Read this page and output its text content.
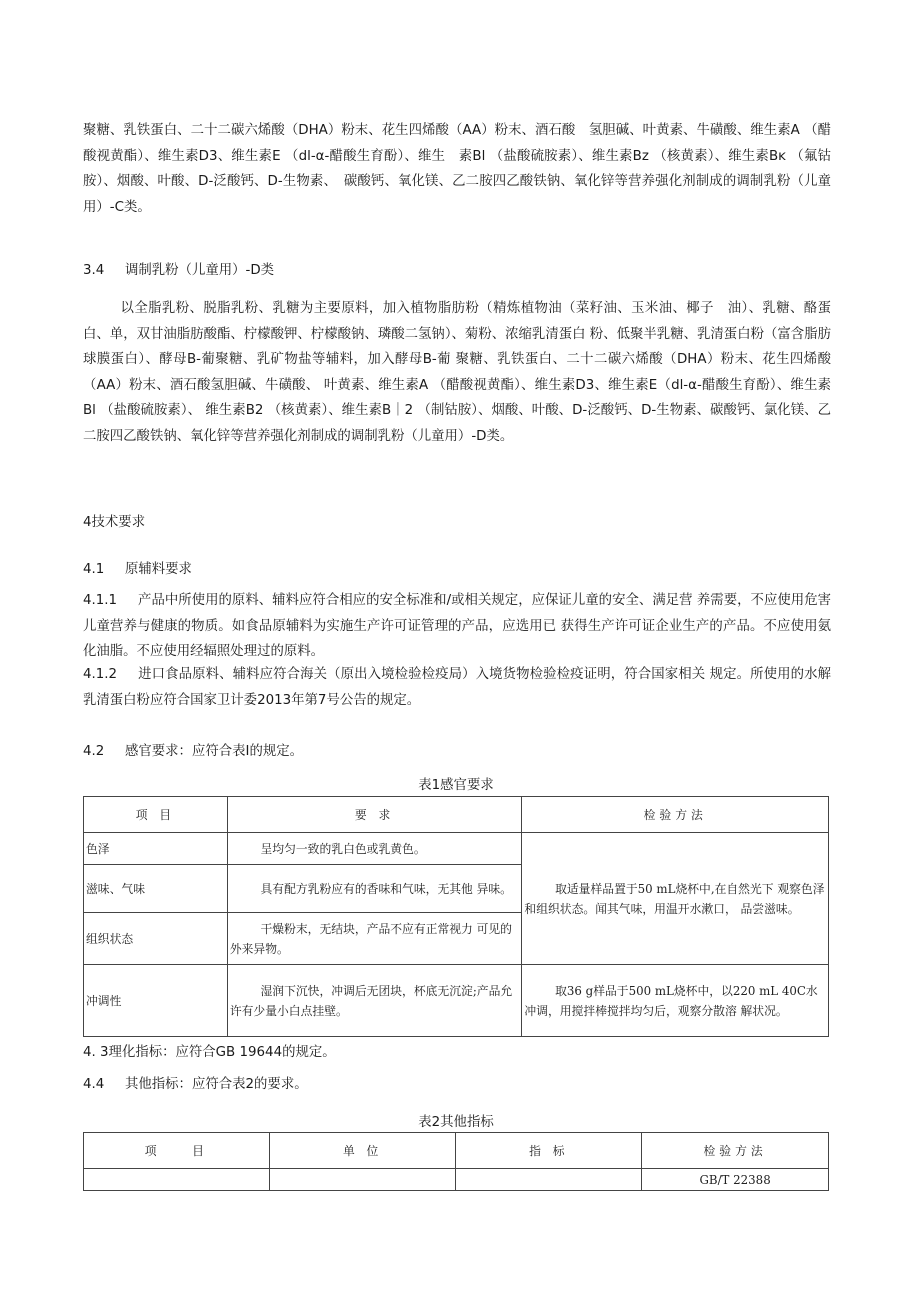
聚糖、乳铁蛋白、二十二碳六烯酸（DHA）粉末、花生四烯酸（AA）粉末、酒石酸　氢胆碱、叶黄素、牛磺酸、维生素A （醋酸视黄酯）、维生素D3、维生素E （dl-α-醋酸生育酚）、维生　素Bl （盐酸硫胺素）、维生素Bz （核黄素）、维生素Bĸ （氟钴胺）、烟酸、叶酸、D-泛酸钙、D-生物素、　碳酸钙、氧化镁、乙二胺四乙酸铁钠、氧化锌等营养强化剂制成的调制乳粉（儿童用）-C类。

3.4 调制乳粉（儿童用）-D类

以全脂乳粉、脱脂乳粉、乳糖为主要原料，加入植物脂肪粉（精炼植物油（菜籽油、玉米油、椰子　油）、乳糖、酪蛋白、单，双甘油脂肪酸酯、柠檬酸钾、柠檬酸钠、璘酸二氢钠）、菊粉、浓缩乳清蛋白 粉、低聚半乳糖、乳清蛋白粉（富含脂肪球膜蛋白）、酵母B-葡聚糖、乳矿物盐等辅料，加入酵母B-葡 聚糖、乳铁蛋白、二十二碳六烯酸（DHA）粉末、花生四烯酸（AA）粉末、酒石酸氢胆碱、牛磺酸、 叶黄素、维生素A （醋酸视黄酯）、维生素D3、维生素E（dl-α-醋酸生育酚）、维生素Bl （盐酸硫胺素）、 维生素B2 （核黄素）、维生素B｜2 （制钴胺）、烟酸、叶酸、D-泛酸钙、D-生物素、碳酸钙、氯化镁、乙　二胺四乙酸铁钠、氧化锌等营养强化剂制成的调制乳粉（儿童用）-D类。

4技术要求

4.1 原辅料要求

4.1.1 产品中所使用的原料、辅料应符合相应的安全标准和/或相关规定，应保证儿童的安全、满足营 养需要，不应使用危害儿童营养与健康的物质。如食品原辅料为实施生产许可证管理的产品，应选用已 获得生产许可证企业生产的产品。不应使用氨化油脂。不应使用经辐照处理过的原料。

4.1.2 进口食品原料、辅料应符合海关（原出入境检验检疫局）入境货物检验检疫证明，符合国家相关 规定。所使用的水解乳清蛋白粉应符合国家卫计委2013年第7号公告的规定。

4.2 感官要求：应符合表I的规定。

表1感官要求
项 目	要 求	检验方法
色泽	呈均匀一致的乳白色或乳黄色。	取适量样品置于50 mL烧杯中,在自然光下 观察色泽和组织状态。闻其气味，用温开水漱口， 品尝滋味。
滋味、气味	具有配方乳粉应有的香味和气味，无其他 异味。	
组织状态	干燥粉末，无结块，产品不应有正常视力 可见的外来异物。	
冲调性	湿润下沉快，冲调后无团块，杯底无沉淀;产品允许有少量小白点挂壁。	取36 g样品于500 mL烧杯中，以220 mL 40C水冲调，用搅拌棒搅拌均匀后，观察分散溶 解状况。

4. 3理化指标：应符合GB 19644的规定。

4.4 其他指标：应符合表2的要求。

表2其他指标
项　　目	单 位	指 标	检验方法
			GB/T 22388
